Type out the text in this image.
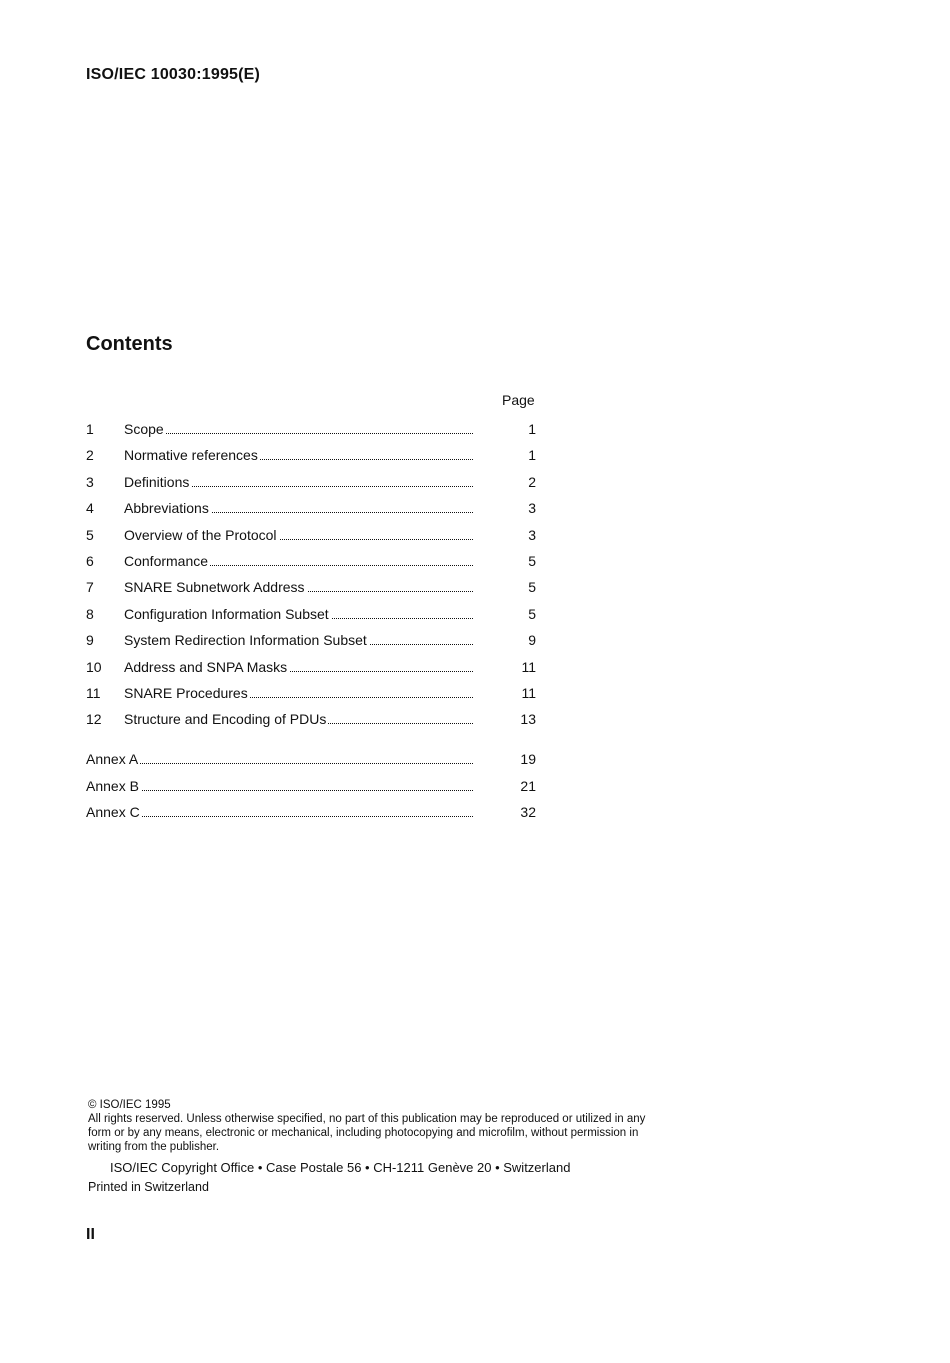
ISO/IEC 10030:1995(E)
Contents
Page
1 Scope	1
2 Normative references	1
3 Definitions	2
4 Abbreviations	3
5 Overview of the Protocol	3
6 Conformance	5
7 SNARE Subnetwork Address	5
8 Configuration Information Subset	5
9 System Redirection Information Subset	9
10 Address and SNPA Masks	11
11 SNARE Procedures	11
12 Structure and Encoding of PDUs	13
Annex A	19
Annex B	21
Annex C	32
© ISO/IEC 1995
All rights reserved. Unless otherwise specified, no part of this publication may be reproduced or utilized in any form or by any means, electronic or mechanical, including photocopying and microfilm, without permission in writing from the publisher.
ISO/IEC Copyright Office • Case Postale 56 • CH-1211 Genève 20 • Switzerland
Printed in Switzerland
II
